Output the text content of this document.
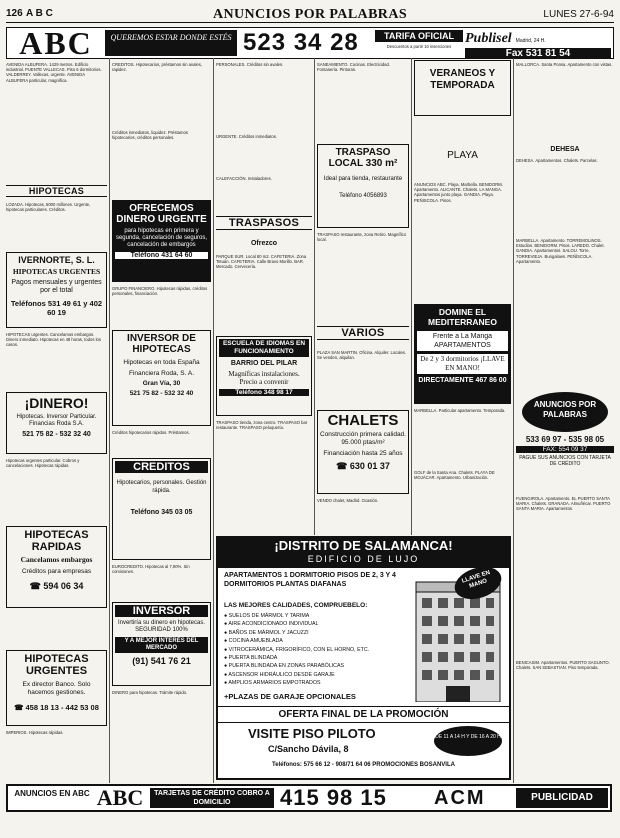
126 A B C	ANUNCIOS POR PALABRAS	LUNES 27-6-94
ABC	QUEREMOS ESTAR DONDE ESTÉS 523 34 28	TARIFA OFICIAL
Descuentos a partir 10 inserciones
Publisel Madrid, 24 H.
Fax 531 81 54
AVENIDA ALBUFERA. 1429 metros. Edificio industrial. PUENTE VALLECAS. Piso 6 dormitorios. VALDERREY. Vallecas, urgente. AVENIDA ALBUFERA particular, magnífica.
HIPOTECAS
LOZADA. Hipotecas, 5000 millones. Urgente, hipotecas particulares. Créditos.
IVERNORTE, S. L.
HIPOTECAS URGENTES
Pagos mensuales y urgentes por el total
Teléfonos 531 49 61 y 402 60 19
HIPOTECAS urgentes. Cancelamos embargos. Dinero inmediato. Hipotecas en 48 horas, todos los casos.
¡DINERO!
Hipotecas. Inversor Particular. Financias Roda S.A.
521 75 82 - 532 32 40
Hipotecas urgentes particular. Cobros y cancelaciones. Hipotecas rápidas.
HIPOTECAS RAPIDAS
Cancelamos embargos
Créditos para empresas
☎ 594 06 34
HIPOTECAS URGENTES
Ex director Banco. Solo hacemos gestiones.
☎ 458 18 13 - 442 53 08
IMPERIOS. Hipotecas rápidas.
CREDITOS. Hipotecarios, préstamos sin avales, rapidez.
Créditos inmediatos, liquidez. Préstamos hipotecarios, créditos personales.
OFRECEMOS DINERO URGENTE
para hipotecas en primera y segunda, cancelación de seguros, cancelación de embargos
Teléfono 431 64 60
GRUPO FINANCIERO. Hipotecas rápidas, créditos personales, financiación.
INVERSOR DE HIPOTECAS
Hipotecas en toda España
Financiera Roda, S. A.
Gran Vía, 30
521 75 82 - 532 32 40
Créditos hipotecarios rápidos. Préstamos.
CREDITOS
Hipotecarios, personales. Gestión rápida.
Teléfono 345 03 05
EUROCREDITO. Hipotecas al 7,90%. Sin comisiones.
INVERSOR
Invertiría su dinero en hipotecas. SEGURIDAD 100%
Y A MEJOR INTERÉS DEL MERCADO
(91) 541 76 21
DINERO para hipotecas. Trámite rápido.
PERSONALES. Créditos sin avales.
URGENTE. Créditos inmediatos.
CALEFACCIÓN. Instaladores.
TRASPASOS
Ofrezco
PARQUE SUR. Local 80 m2. CAFETERIA. Zona Tetuán. CAFETERIA. Calle Bravo Murillo. BAR. Mercado. Cervecería.
ESCUELA DE IDIOMAS EN FUNCIONAMIENTO
BARRIO DEL PILAR
Magníficas instalaciones. Precio a convenir
Teléfono 348 98 17
TRASPASO tienda, zona centro. TRASPASO bar restaurante. TRASPASO peluquería.
SANEAMIENTO. Cocinas. Electricidad. Fontanería. Pinturas.
TRASPASO LOCAL 330 m²
Ideal para tienda, restaurante
Teléfono 4056893
TRASPASO restaurante, zona Retiro. Magnífico local.
VARIOS
PLAZA SAN MARTIN. Oficina. Alquiler. Locales. Se venden, alquilan.
CHALETS
Construcción primera calidad. 95.000 ptas/m²
Financiación hasta 25 años
☎ 630 01 37
VENDO chalet, Madrid. Ocasión.
VERANEOS Y TEMPORADA
PLAYA
ANUNCIOS ABC. Playa, Marbella. BENIDORM. Apartamento. ALICANTE. Chalets. LA MANGA. Apartamentos junto playa. GANDIA. Playa. PEÑISCOLA. Pisos.
DOMINE EL MEDITERRANEO
Frente a La Manga APARTAMENTOS
De 2 y 3 dormitorios ¡LLAVE EN MANO!
DIRECTAMENTE 467 86 00
MARBELLA. Particular apartamento. Temporada.
GOLF de la Santa Ana. Chalets. PLAYA DE MOJÁCAR. Apartamento. Urbanización.
MALLORCA. Santa Ponsa. Apartamento con vistas.
DEHESA
DEHESA. Apartamentos. Chalets. Parcelas.
MARBELLA. Apartamento. TORREMOLINOS. Estudios. BENIDORM. Pisos. LAREDO. Chalet. GANDIA. Apartamentos. SALOU. Torre. TORREVIEJA. Bungalows. PEÑÍSCOLA. Apartamento.
ANUNCIOS POR PALABRAS
533 69 97 - 535 98 05
FAX: 554 09 37
PAGUE SUS ANUNCIOS CON TARJETA DE CRÉDITO
FUENGIROLA. Apartamento. EL PUERTO SANTA MARIA. Chalets. GRANADA. Almuñécar. PUERTO SANTA MARIA. Apartamentos.
BENICASIM. Apartamentos. PUERTO SAGUNTO. Chalets. SAN SEBASTIAN. Piso temporada.
¡DISTRITO DE SALAMANCA!
EDIFICIO DE LUJO
APARTAMENTOS 1 DORMITORIO PISOS DE 2, 3 Y 4 DORMITORIOS PLANTAS DIAFANAS
LAS MEJORES CALIDADES, COMPRUEBELO:
● SUELOS DE MÁRMOL Y TARIMA
● AIRE ACONDICIONADO INDIVIDUAL
● BAÑOS DE MÁRMOL Y JACUZZI
● COCINA AMUEBLADA
● VITROCERÁMICA, FRIGORÍFICO, CON EL HORNO, ETC.
● PUERTA BLINDADA
● PUERTA BLINDADA EN ZONAS PARABÓLICAS
● ASCENSOR HIDRÁULICO DESDE GARAJE
● AMPLIOS ARMARIOS EMPOTRADOS
+PLAZAS DE GARAJE OPCIONALES
LLAVE EN MANO
OFERTA FINAL DE LA PROMOCIÓN
VISITE PISO PILOTO
C/Sancho Dávila, 8
DE 11 A 14 H Y DE 16 A 20 H
Teléfonos: 575 66 12 - 908/71 64 06 PROMOCIONES BOSANVILA
ANUNCIOS EN ABC ABC	TARJETAS DE CRÉDITO COBRO A DOMICILIO	415 98 15	ACM	PUBLICIDAD
